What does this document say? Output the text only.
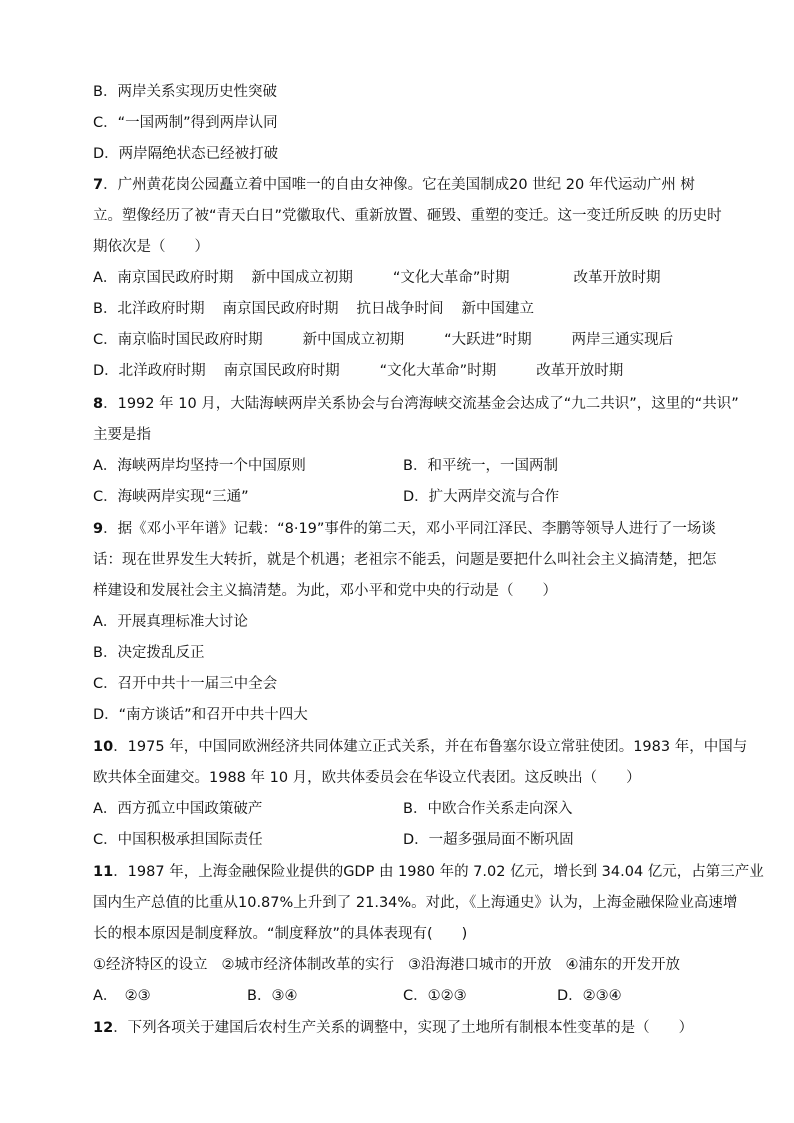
B．两岸关系实现历史性突破
C．“一国两制”得到两岸认同
D．两岸隔绝状态已经被打破
7．广州黄花岗公园矗立着中国唯一的自由女神像。它在美国制成20 世纪 20 年代运动广州 树
立。塑像经历了被“青天白日”党徽取代、重新放置、砸毁、重塑的变迁。这一变迁所反映 的历史时
期依次是（　　）
A．南京国民政府时期 新中国成立初期	“文化大革命”时期	改革开放时期
B．北洋政府时期 南京国民政府时期 抗日战争时间 新中国建立
C．南京临时国民政府时期	新中国成立初期	“大跃进”时期	两岸三通实现后
D．北洋政府时期 南京国民政府时期	“文化大革命”时期	改革开放时期
8．1992 年 10 月，大陆海峡两岸关系协会与台湾海峡交流基金会达成了“九二共识”，这里的“共识”
主要是指
A．海峡两岸均坚持一个中国原则	B．和平统一，一国两制
C．海峡两岸实现“三通”	D．扩大两岸交流与合作
9．据《邓小平年谱》记载：“8·19”事件的第二天，邓小平同江泽民、李鹏等领导人进行了一场谈
话：现在世界发生大转折，就是个机遇；老祖宗不能丢，问题是要把什么叫社会主义搞清楚，把怎
样建设和发展社会主义搞清楚。为此，邓小平和党中央的行动是（　　）
A．开展真理标准大讨论
B．决定拨乱反正
C．召开中共十一届三中全会
D．“南方谈话”和召开中共十四大
10．1975 年，中国同欧洲经济共同体建立正式关系，并在布鲁塞尔设立常驻使团。1983 年，中国与
欧共体全面建交。1988 年 10 月，欧共体委员会在华设立代表团。这反映出（　　）
A．西方孤立中国政策破产	B．中欧合作关系走向深入
C．中国积极承担国际责任	D．一超多强局面不断巩固
11．1987 年，上海金融保险业提供的GDP 由 1980 年的 7.02 亿元，增长到 34.04 亿元，占第三产业
国内生产总值的比重从10.87%上升到了 21.34%。对此，《上海通史》认为，上海金融保险业高速增
长的根本原因是制度释放。“制度释放”的具体表现有(　　)
①经济特区的设立 ②城市经济体制改革的实行 ③沿海港口城市的开放 ④浦东的开发开放
A．　②③	B．③④	C．①②③	D．②③④
12．下列各项关于建国后农村生产关系的调整中，实现了土地所有制根本性变革的是（　　）
